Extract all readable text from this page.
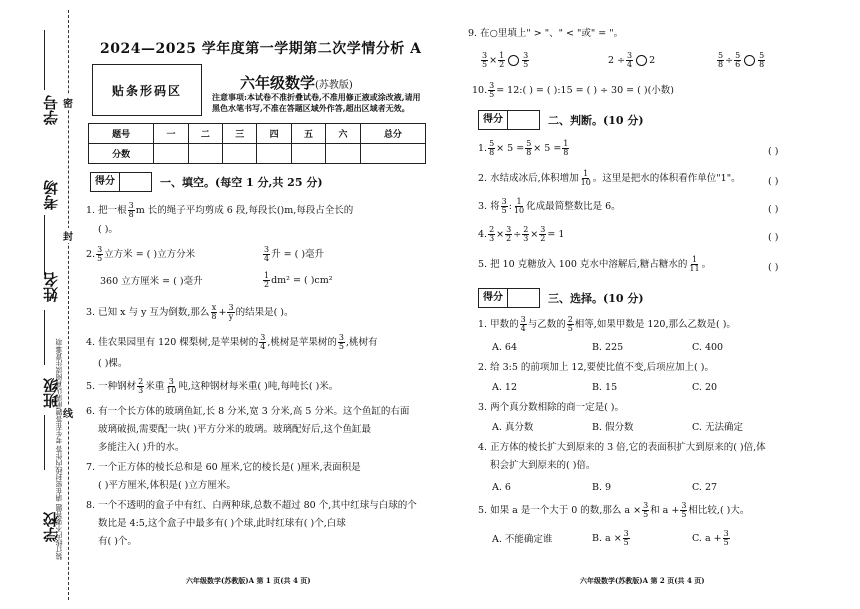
学号
考场
姓名
班级
学校
装订线内不要答题 请在密封线内作答 考生在答题前请认真阅读注意事项
密
封
线
2024—2025 学年度第一学期第二次学情分析 A
贴条形码区	六年级数学(苏教版)
注意事项:本试卷不准折叠试卷,不准用修正液或涂改液,请用黑色水笔书写,不准在答题区域外作答,超出区域者无效。
题号	一	二	三	四	五	六	总分
分数							
得分	一、填空。(每空 1 分,共 25 分)
1. 把一根 $\frac{3}{8}$ m 长的绳子平均剪成 6 段,每段长()m,每段占全长的
( )。
2. $\frac{3}{5}$ 立方米 = ( )立方分米	$\frac{3}{4}$ 升 = ( )毫升
360 立方厘米 = ( )毫升	$\frac{1}{2} dm^2$ = ( )cm²
3. 已知 x 与 y 互为倒数,那么 $\frac{x}{8} + \frac{3}{y}$ 的结果是( )。
4. 佳农果园里有 120 棵梨树,是苹果树的 $\frac{3}{4}$ ,桃树是苹果树的 $\frac{3}{5}$ ,桃树有
( )棵。
5. 一种钢材 $\frac{2}{3}$ 米重 $\frac{3}{10}$ 吨,这种钢材每米重( )吨,每吨长( )米。
6. 有一个长方体的玻璃鱼缸,长 8 分米,宽 3 分米,高 5 分米。这个鱼缸的右面
玻璃破损,需要配一块( )平方分米的玻璃。玻璃配好后,这个鱼缸最
多能注入( )升的水。
7. 一个正方体的棱长总和是 60 厘米,它的棱长是( )厘米,表面积是
( )平方厘米,体积是( )立方厘米。
8. 一个不透明的盒子中有红、白两种球,总数不超过 80 个,其中红球与白球的个
数比是 4:5,这个盒子中最多有( )个球,此时红球有( )个,白球
有( )个。
六年级数学(苏教版)A 第 1 页(共 4 页)
9. 在○里填上" > "、" < "或" = "。
$\frac{3}{5} \times \frac{1}{2} \frac{3}{5}$	$2 \div \frac{3}{4} 2$	$\frac{5}{8} \div \frac{5}{6} \frac{5}{8}$
10. $\frac{3}{5}$ = 12:( ) = ( ):15 = ( ) ÷ 30 = ( )(小数)
得分	二、判断。(10 分)
1. $\frac{5}{8} \times 5 = \frac{5}{8} \times 5 = \frac{1}{8}$	( )
2. 水结成冰后,体积增加 $\frac{1}{10}$ 。这里是把水的体积看作单位"1"。	( )
3. 将 $\frac{3}{5}$ : $\frac{1}{10}$ 化成最简整数比是 6。	( )
4. $\frac{2}{3} \times \frac{3}{2} \div \frac{2}{3} \times \frac{3}{2} = 1$	( )
5. 把 10 克糖放入 100 克水中溶解后,糖占糖水的 $\frac{1}{11}$ 。	( )
得分	三、选择。(10 分)
1. 甲数的 $\frac{3}{4}$ 与乙数的 $\frac{2}{5}$ 相等,如果甲数是 120,那么乙数是( )。
A. 64	B. 225	C. 400
2. 给 3:5 的前项加上 12,要使比值不变,后项应加上( )。
A. 12	B. 15	C. 20
3. 两个真分数相除的商一定是( )。
A. 真分数	B. 假分数	C. 无法确定
4. 正方体的棱长扩大到原来的 3 倍,它的表面积扩大到原来的( )倍,体
积会扩大到原来的( )倍。
A. 6	B. 9	C. 27
5. 如果 a 是一个大于 0 的数,那么 $a \times \frac{3}{5}$ 和 $a + \frac{3}{5}$ 相比较,( )大。
A. 不能确定谁	B. $a \times \frac{3}{5}$	C. $a + \frac{3}{5}$
六年级数学(苏教版)A 第 2 页(共 4 页)
